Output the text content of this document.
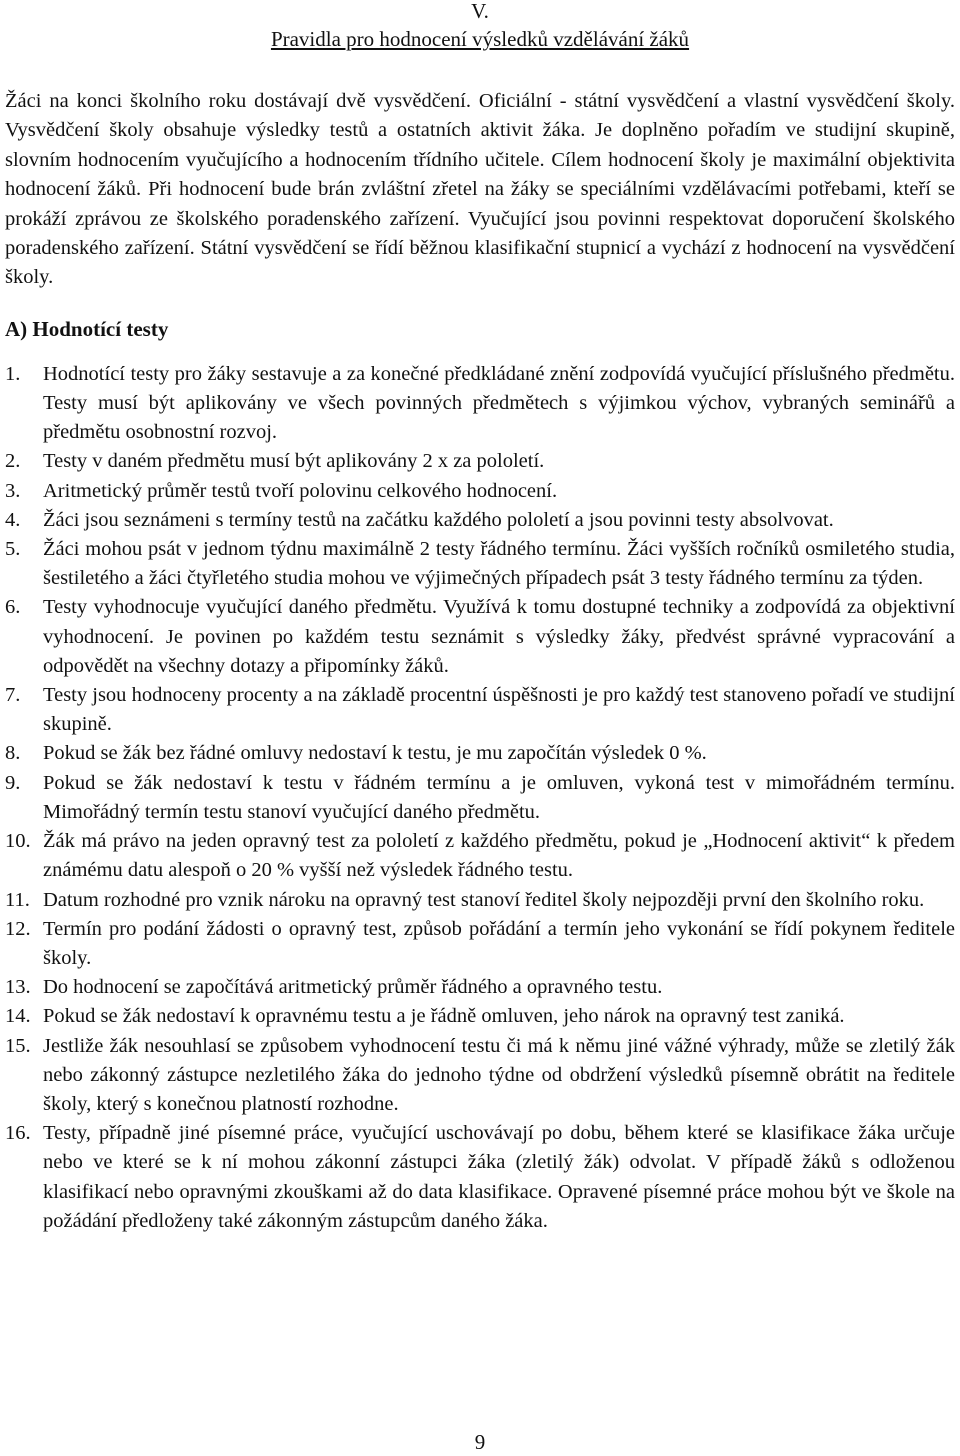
V.
Pravidla pro hodnocení výsledků vzdělávání žáků

Žáci na konci školního roku dostávají dvě vysvědčení. Oficiální - státní vysvědčení a vlastní vysvědčení školy. Vysvědčení školy obsahuje výsledky testů a ostatních aktivit žáka. Je doplněno pořadím ve studijní skupině, slovním hodnocením vyučujícího a hodnocením třídního učitele. Cílem hodnocení školy je maximální objektivita hodnocení žáků. Při hodnocení bude brán zvláštní zřetel na žáky se speciálními vzdělávacími potřebami, kteří se prokáží zprávou ze školského poradenského zařízení. Vyučující jsou povinni respektovat doporučení školského poradenského zařízení. Státní vysvědčení se řídí běžnou klasifikační stupnicí a vychází z hodnocení na vysvědčení školy.

A) Hodnotící testy
1. Hodnotící testy pro žáky sestavuje a za konečné předkládané znění zodpovídá vyučující příslušného předmětu. Testy musí být aplikovány ve všech povinných předmětech s výjimkou výchov, vybraných seminářů a předmětu osobnostní rozvoj.
2. Testy v daném předmětu musí být aplikovány 2 x za pololetí.
3. Aritmetický průměr testů tvoří polovinu celkového hodnocení.
4. Žáci jsou seznámeni s termíny testů na začátku každého pololetí a jsou povinni testy absolvovat.
5. Žáci mohou psát v jednom týdnu maximálně 2 testy řádného termínu. Žáci vyšších ročníků osmiletého studia, šestiletého a žáci čtyřletého studia mohou ve výjimečných případech psát 3 testy řádného termínu za týden.
6. Testy vyhodnocuje vyučující daného předmětu. Využívá k tomu dostupné techniky a zodpovídá za objektivní vyhodnocení. Je povinen po každém testu seznámit s výsledky žáky, předvést správné vypracování a odpovědět na všechny dotazy a připomínky žáků.
7. Testy jsou hodnoceny procenty a na základě procentní úspěšnosti je pro každý test stanoveno pořadí ve studijní skupině.
8. Pokud se žák bez řádné omluvy nedostaví k testu, je mu započítán výsledek 0 %.
9. Pokud se žák nedostaví k testu v řádném termínu a je omluven, vykoná test v mimořádném termínu. Mimořádný termín testu stanoví vyučující daného předmětu.
10. Žák má právo na jeden opravný test za pololetí z každého předmětu, pokud je „Hodnocení aktivit“ k předem známému datu alespoň o 20 % vyšší než výsledek řádného testu.
11. Datum rozhodné pro vznik nároku na opravný test stanoví ředitel školy nejpozději první den školního roku.
12. Termín pro podání žádosti o opravný test, způsob pořádání a termín jeho vykonání se řídí pokynem ředitele školy.
13. Do hodnocení se započítává aritmetický průměr řádného a opravného testu.
14. Pokud se žák nedostaví k opravnému testu a je řádně omluven, jeho nárok na opravný test zaniká.
15. Jestliže žák nesouhlasí se způsobem vyhodnocení testu či má k němu jiné vážné výhrady, může se zletilý žák nebo zákonný zástupce nezletilého žáka do jednoho týdne od obdržení výsledků písemně obrátit na ředitele školy, který s konečnou platností rozhodne.
16. Testy, případně jiné písemné práce, vyučující uschovávají po dobu, během které se klasifikace žáka určuje nebo ve které se k ní mohou zákonní zástupci žáka (zletilý žák) odvolat. V případě žáků s odloženou klasifikací nebo opravnými zkouškami až do data klasifikace. Opravené písemné práce mohou být ve škole na požádání předloženy také zákonným zástupcům daného žáka.
9
